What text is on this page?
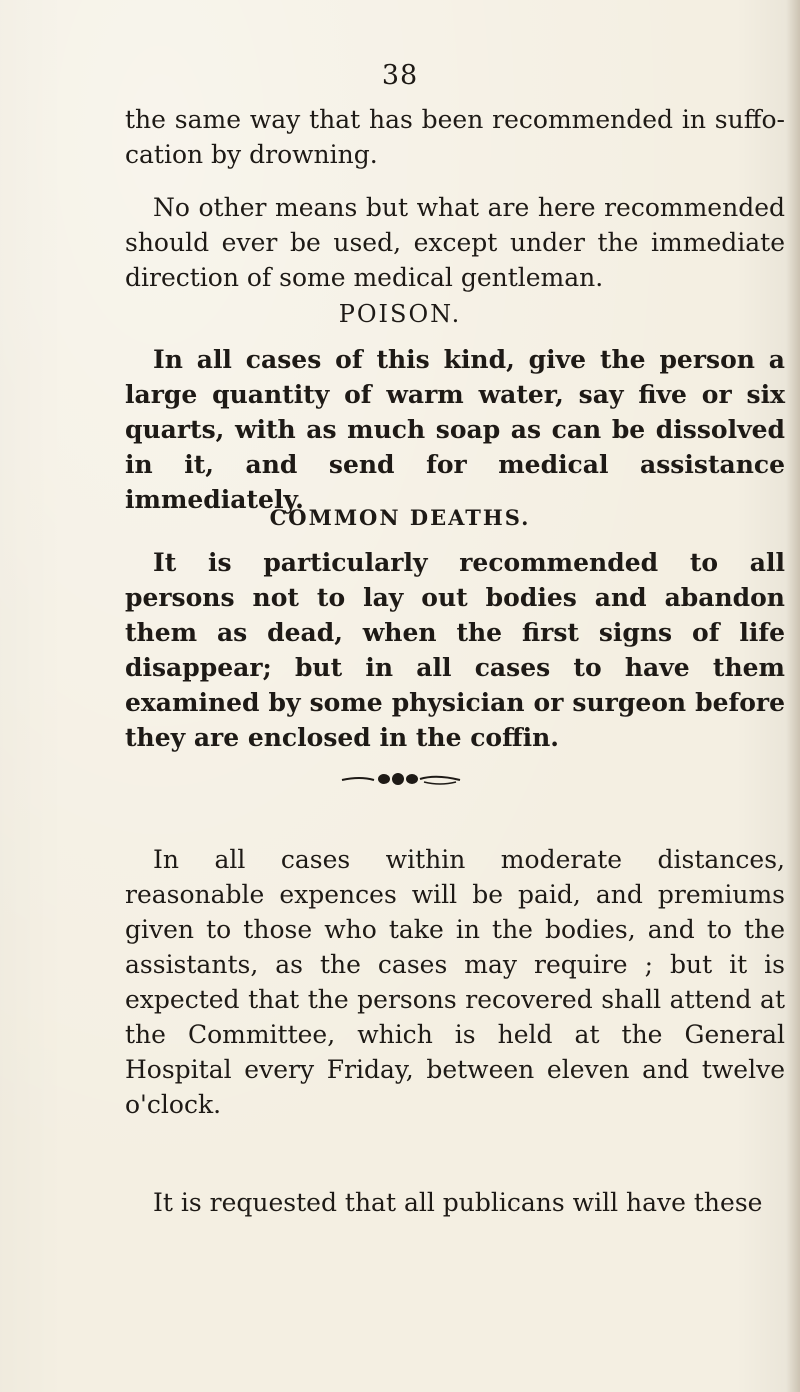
38

the same way that has been recommended in suffo-cation by drowning.

No other means but what are here recommended should ever be used, except under the immediate direction of some medical gentleman.

POISON.

In all cases of this kind, give the person a large quantity of warm water, say five or six quarts, with as much soap as can be dissolved in it, and send for medical assistance immediately.

COMMON DEATHS.

It is particularly recommended to all persons not to lay out bodies and abandon them as dead, when the first signs of life disappear; but in all cases to have them examined by some physician or surgeon before they are enclosed in the coffin.

In all cases within moderate distances, reasonable expences will be paid, and premiums given to those who take in the bodies, and to the assistants, as the cases may require ; but it is expected that the persons recovered shall attend at the Committee, which is held at the General Hospital every Friday, between eleven and twelve o'clock.

It is requested that all publicans will have these
